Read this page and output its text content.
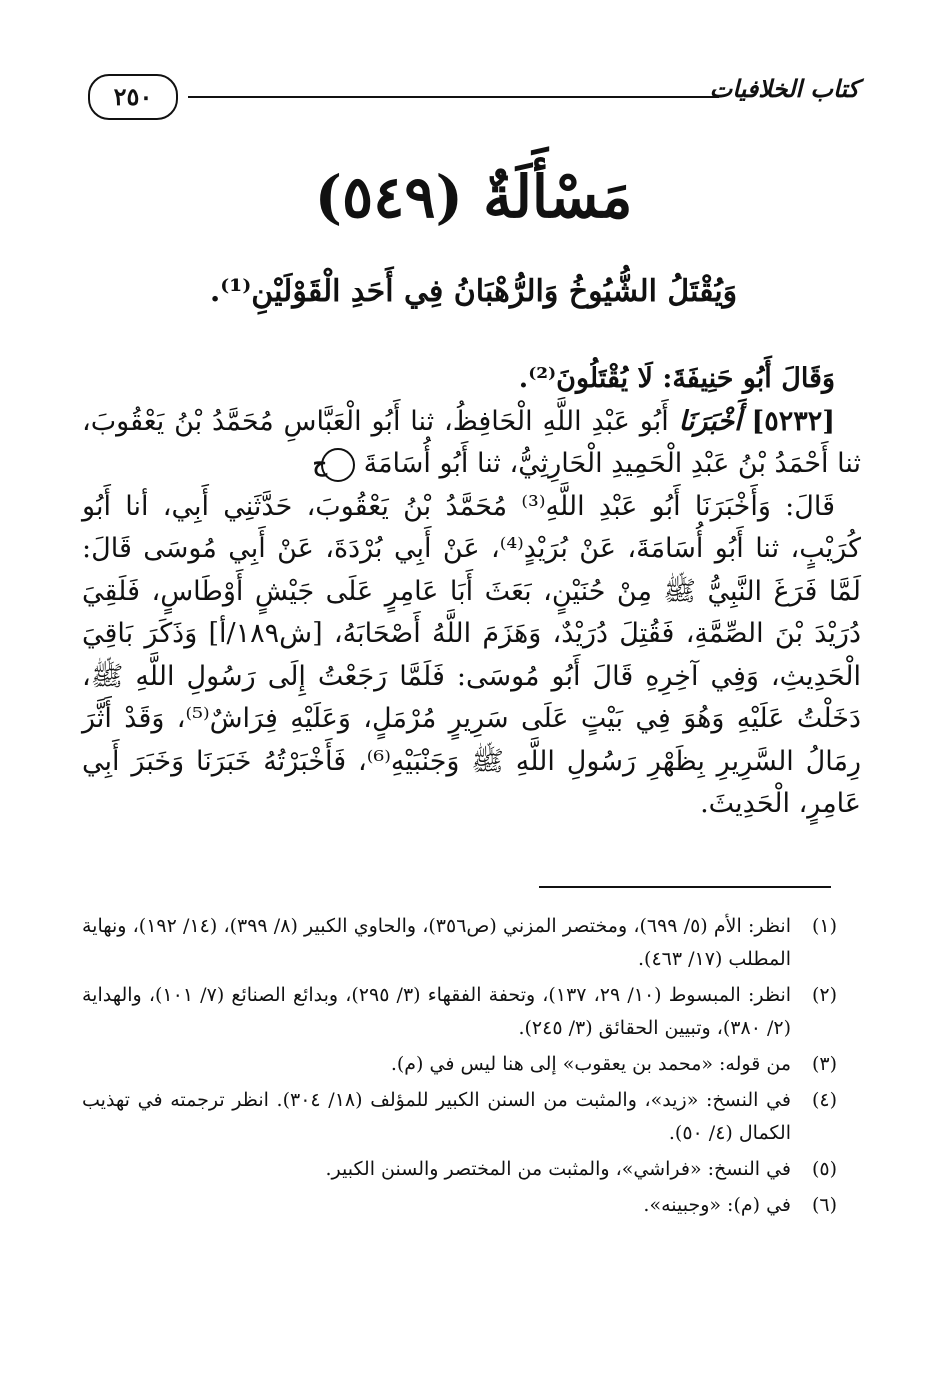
كتاب الخلافيات
٢٥٠
مَسْأَلَةٌ (٥٤٩)
وَيُقْتَلُ الشُّيُوخُ وَالرُّهْبَانُ فِي أَحَدِ الْقَوْلَيْنِ⁽¹⁾.

وَقَالَ أَبُو حَنِيفَةَ: لَا يُقْتَلُونَ⁽²⁾.

[٥٢٣٢] أَخْبَرَنَا أَبُو عَبْدِ اللَّهِ الْحَافِظُ، ثنا أَبُو الْعَبَّاسِ مُحَمَّدُ بْنُ يَعْقُوبَ، ثنا أَحْمَدُ بْنُ عَبْدِ الْحَمِيدِ الْحَارِثِيُّ، ثنا أَبُو أُسَامَةَ ح

قَالَ: وَأَخْبَرَنَا أَبُو عَبْدِ اللَّهِ⁽³⁾ مُحَمَّدُ بْنُ يَعْقُوبَ، حَدَّثَنِي أَبِي، أنا أَبُو كُرَيْبٍ، ثنا أَبُو أُسَامَةَ، عَنْ بُرَيْدٍ⁽⁴⁾، عَنْ أَبِي بُرْدَةَ، عَنْ أَبِي مُوسَى قَالَ: لَمَّا فَرَغَ النَّبِيُّ ﷺ مِنْ حُنَيْنٍ، بَعَثَ أَبَا عَامِرٍ عَلَى جَيْشٍ أَوْطَاسٍ، فَلَقِيَ دُرَيْدَ بْنَ الصِّمَّةِ، فَقُتِلَ دُرَيْدٌ، وَهَزَمَ اللَّهُ أَصْحَابَهُ، [ش١٨٩/أ] وَذَكَرَ بَاقِيَ الْحَدِيثِ، وَفِي آخِرِهِ قَالَ أَبُو مُوسَى: فَلَمَّا رَجَعْتُ إِلَى رَسُولِ اللَّهِ ﷺ، دَخَلْتُ عَلَيْهِ وَهُوَ فِي بَيْتٍ عَلَى سَرِيرٍ مُرْمَلٍ، وَعَلَيْهِ فِرَاشٌ⁽⁵⁾، وَقَدْ أَثَّرَ رِمَالُ السَّرِيرِ بِظَهْرِ رَسُولِ اللَّهِ ﷺ وَجَنْبَيْهِ⁽⁶⁾، فَأَخْبَرْتُهُ خَبَرَنَا وَخَبَرَ أَبِي عَامِرٍ، الْحَدِيثَ.

(١)
انظر: الأم (٥/ ٦٩٩)، ومختصر المزني (ص٣٥٦)، والحاوي الكبير (٨/ ٣٩٩)، (١٤/ ١٩٢)، ونهاية المطلب (١٧/ ٤٦٣).
(٢)
انظر: المبسوط (١٠/ ٢٩، ١٣٧)، وتحفة الفقهاء (٣/ ٢٩٥)، وبدائع الصنائع (٧/ ١٠١)، والهداية (٢/ ٣٨٠)، وتبيين الحقائق (٣/ ٢٤٥).
(٣)
من قوله: «محمد بن يعقوب» إلى هنا ليس في (م).
(٤)
في النسخ: «زيد»، والمثبت من السنن الكبير للمؤلف (١٨/ ٣٠٤). انظر ترجمته في تهذيب الكمال (٤/ ٥٠).
(٥)
في النسخ: «فراشي»، والمثبت من المختصر والسنن الكبير.
(٦)
في (م): «وجبينه».
